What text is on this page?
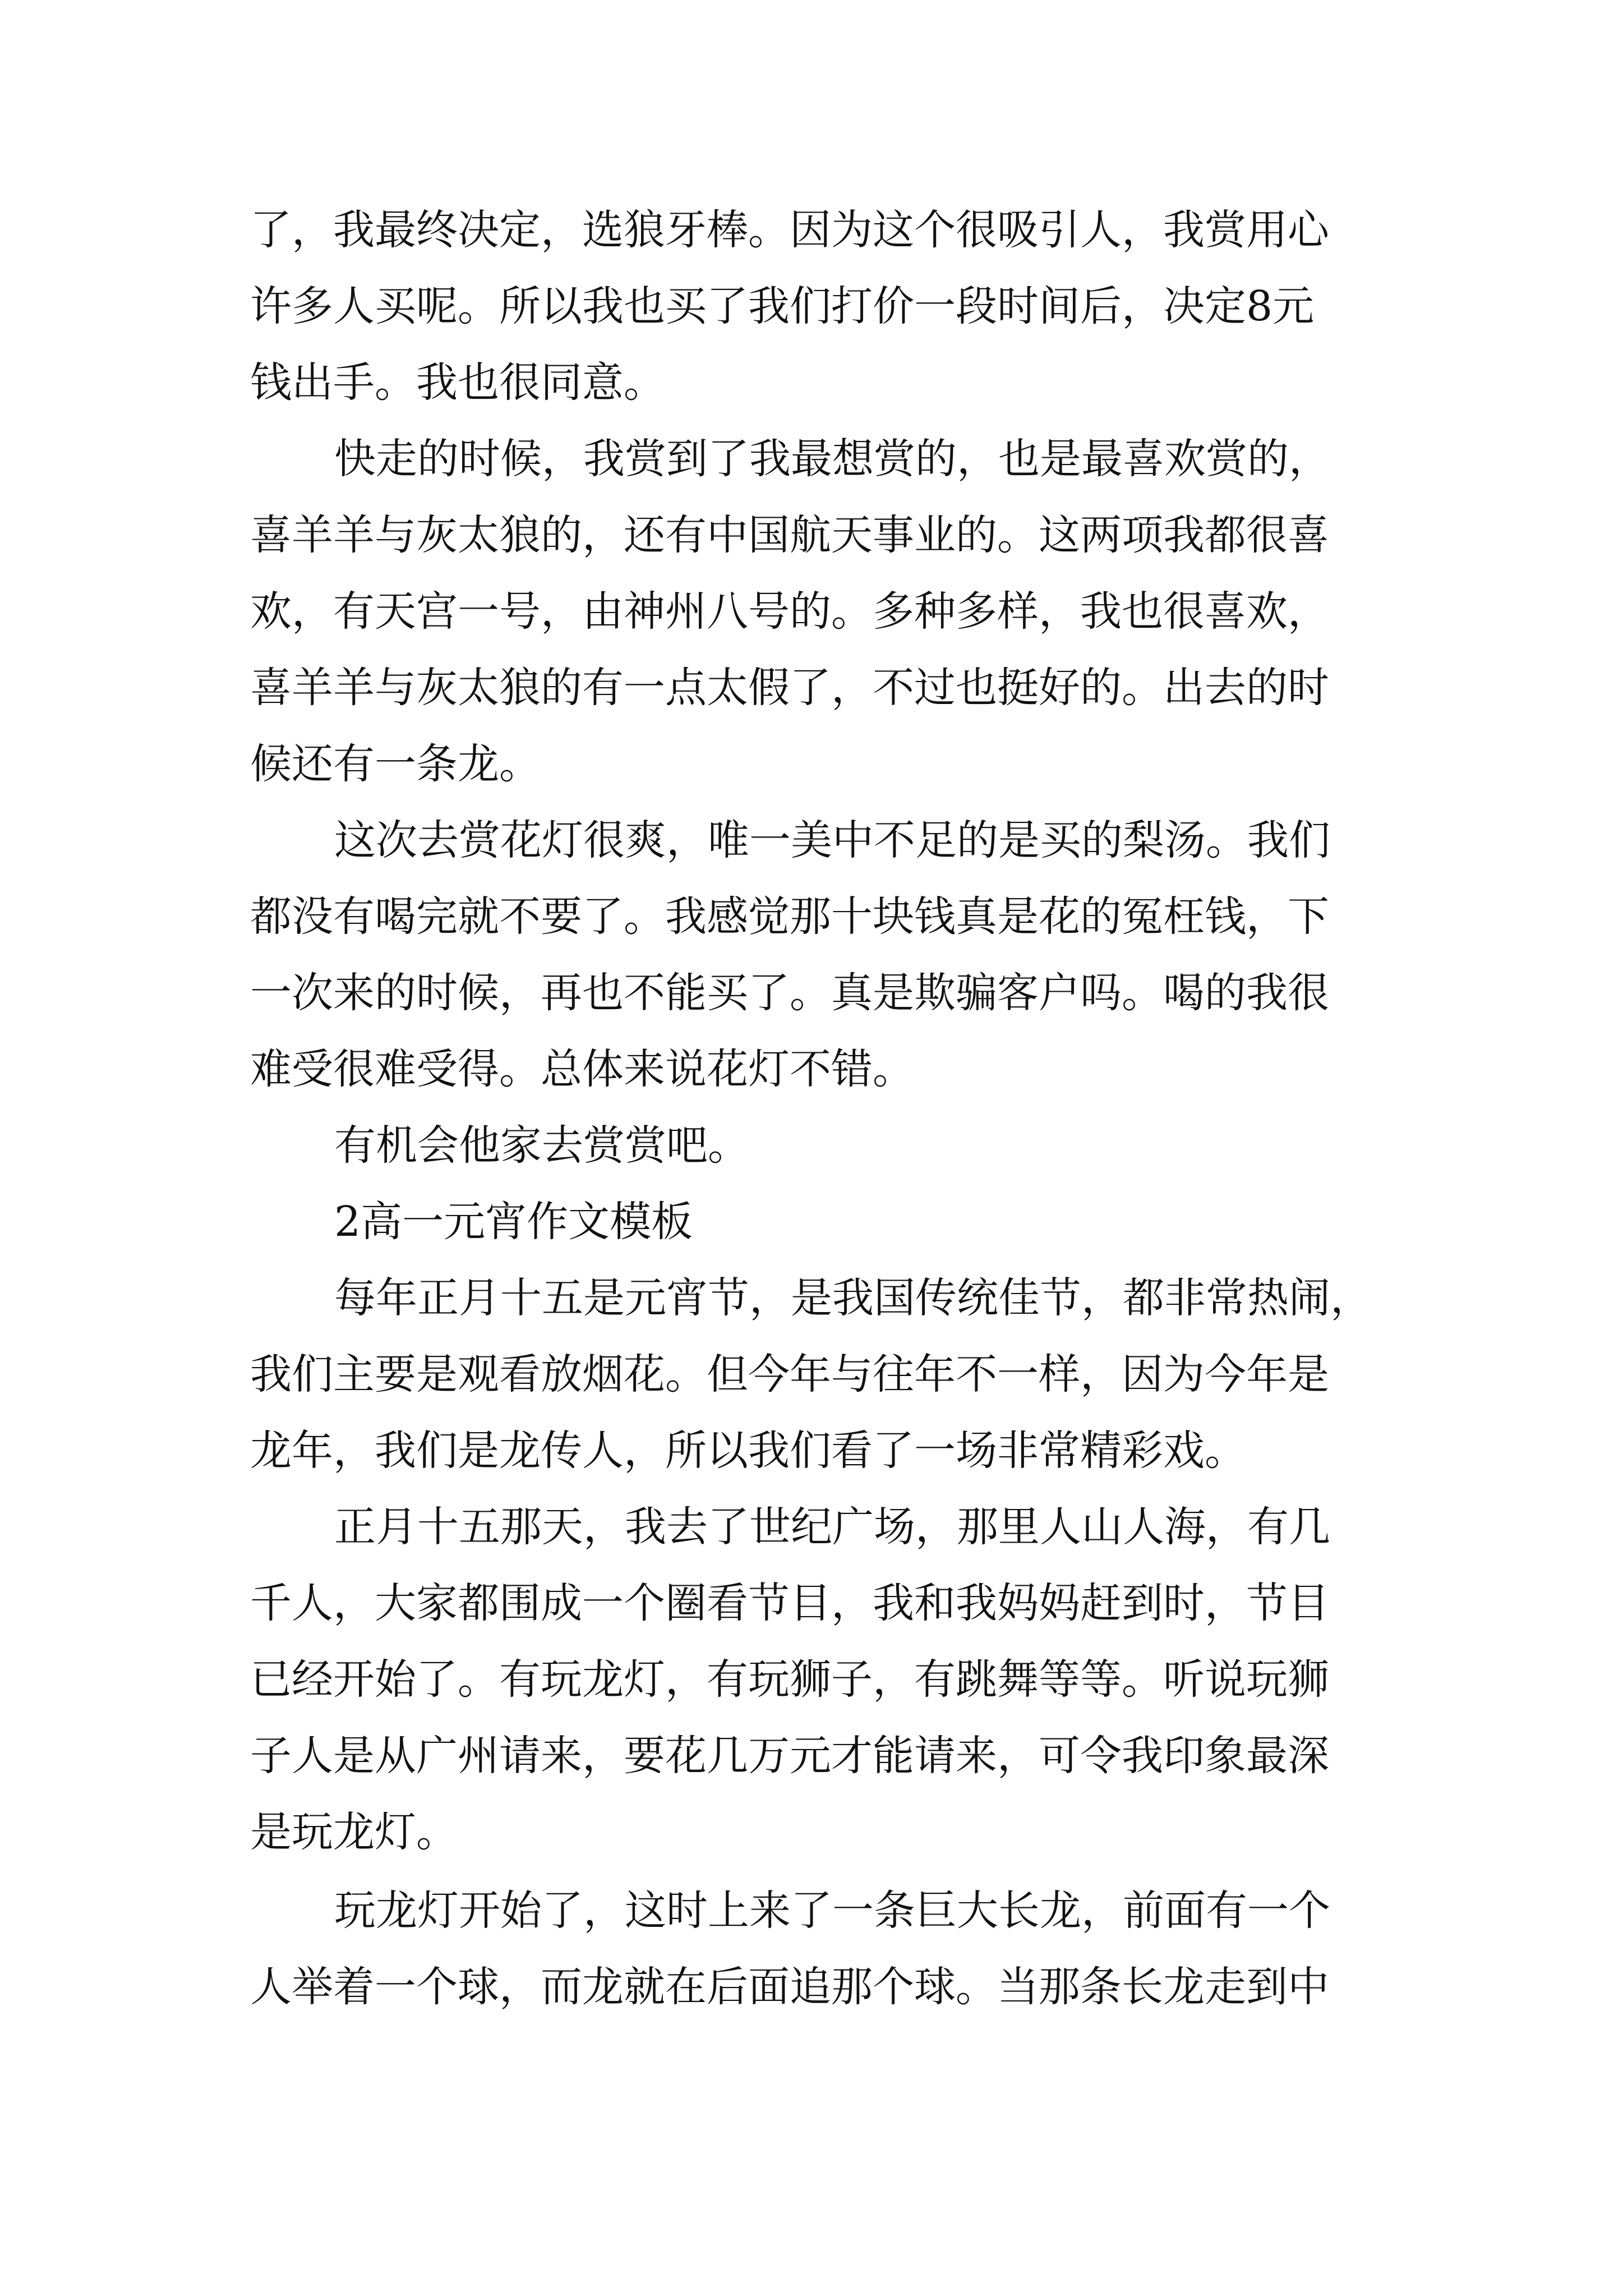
了，我最终决定，选狼牙棒。因为这个很吸引人，我赏用心

许多人买呢。所以我也买了我们打价一段时间后，决定8元

钱出手。我也很同意。

快走的时候，我赏到了我最想赏的，也是最喜欢赏的，

喜羊羊与灰太狼的，还有中国航天事业的。这两项我都很喜

欢，有天宫一号，由神州八号的。多种多样，我也很喜欢，

喜羊羊与灰太狼的有一点太假了，不过也挺好的。出去的时

候还有一条龙。

这次去赏花灯很爽，唯一美中不足的是买的梨汤。我们

都没有喝完就不要了。我感觉那十块钱真是花的冤枉钱，下

一次来的时候，再也不能买了。真是欺骗客户吗。喝的我很

难受很难受得。总体来说花灯不错。

有机会他家去赏赏吧。

2高一元宵作文模板

每年正月十五是元宵节，是我国传统佳节，都非常热闹，

我们主要是观看放烟花。但今年与往年不一样，因为今年是

龙年，我们是龙传人，所以我们看了一场非常精彩戏。

正月十五那天，我去了世纪广场，那里人山人海，有几

千人，大家都围成一个圈看节目，我和我妈妈赶到时，节目

已经开始了。有玩龙灯，有玩狮子，有跳舞等等。听说玩狮

子人是从广州请来，要花几万元才能请来，可令我印象最深

是玩龙灯。

玩龙灯开始了，这时上来了一条巨大长龙，前面有一个

人举着一个球，而龙就在后面追那个球。当那条长龙走到中
